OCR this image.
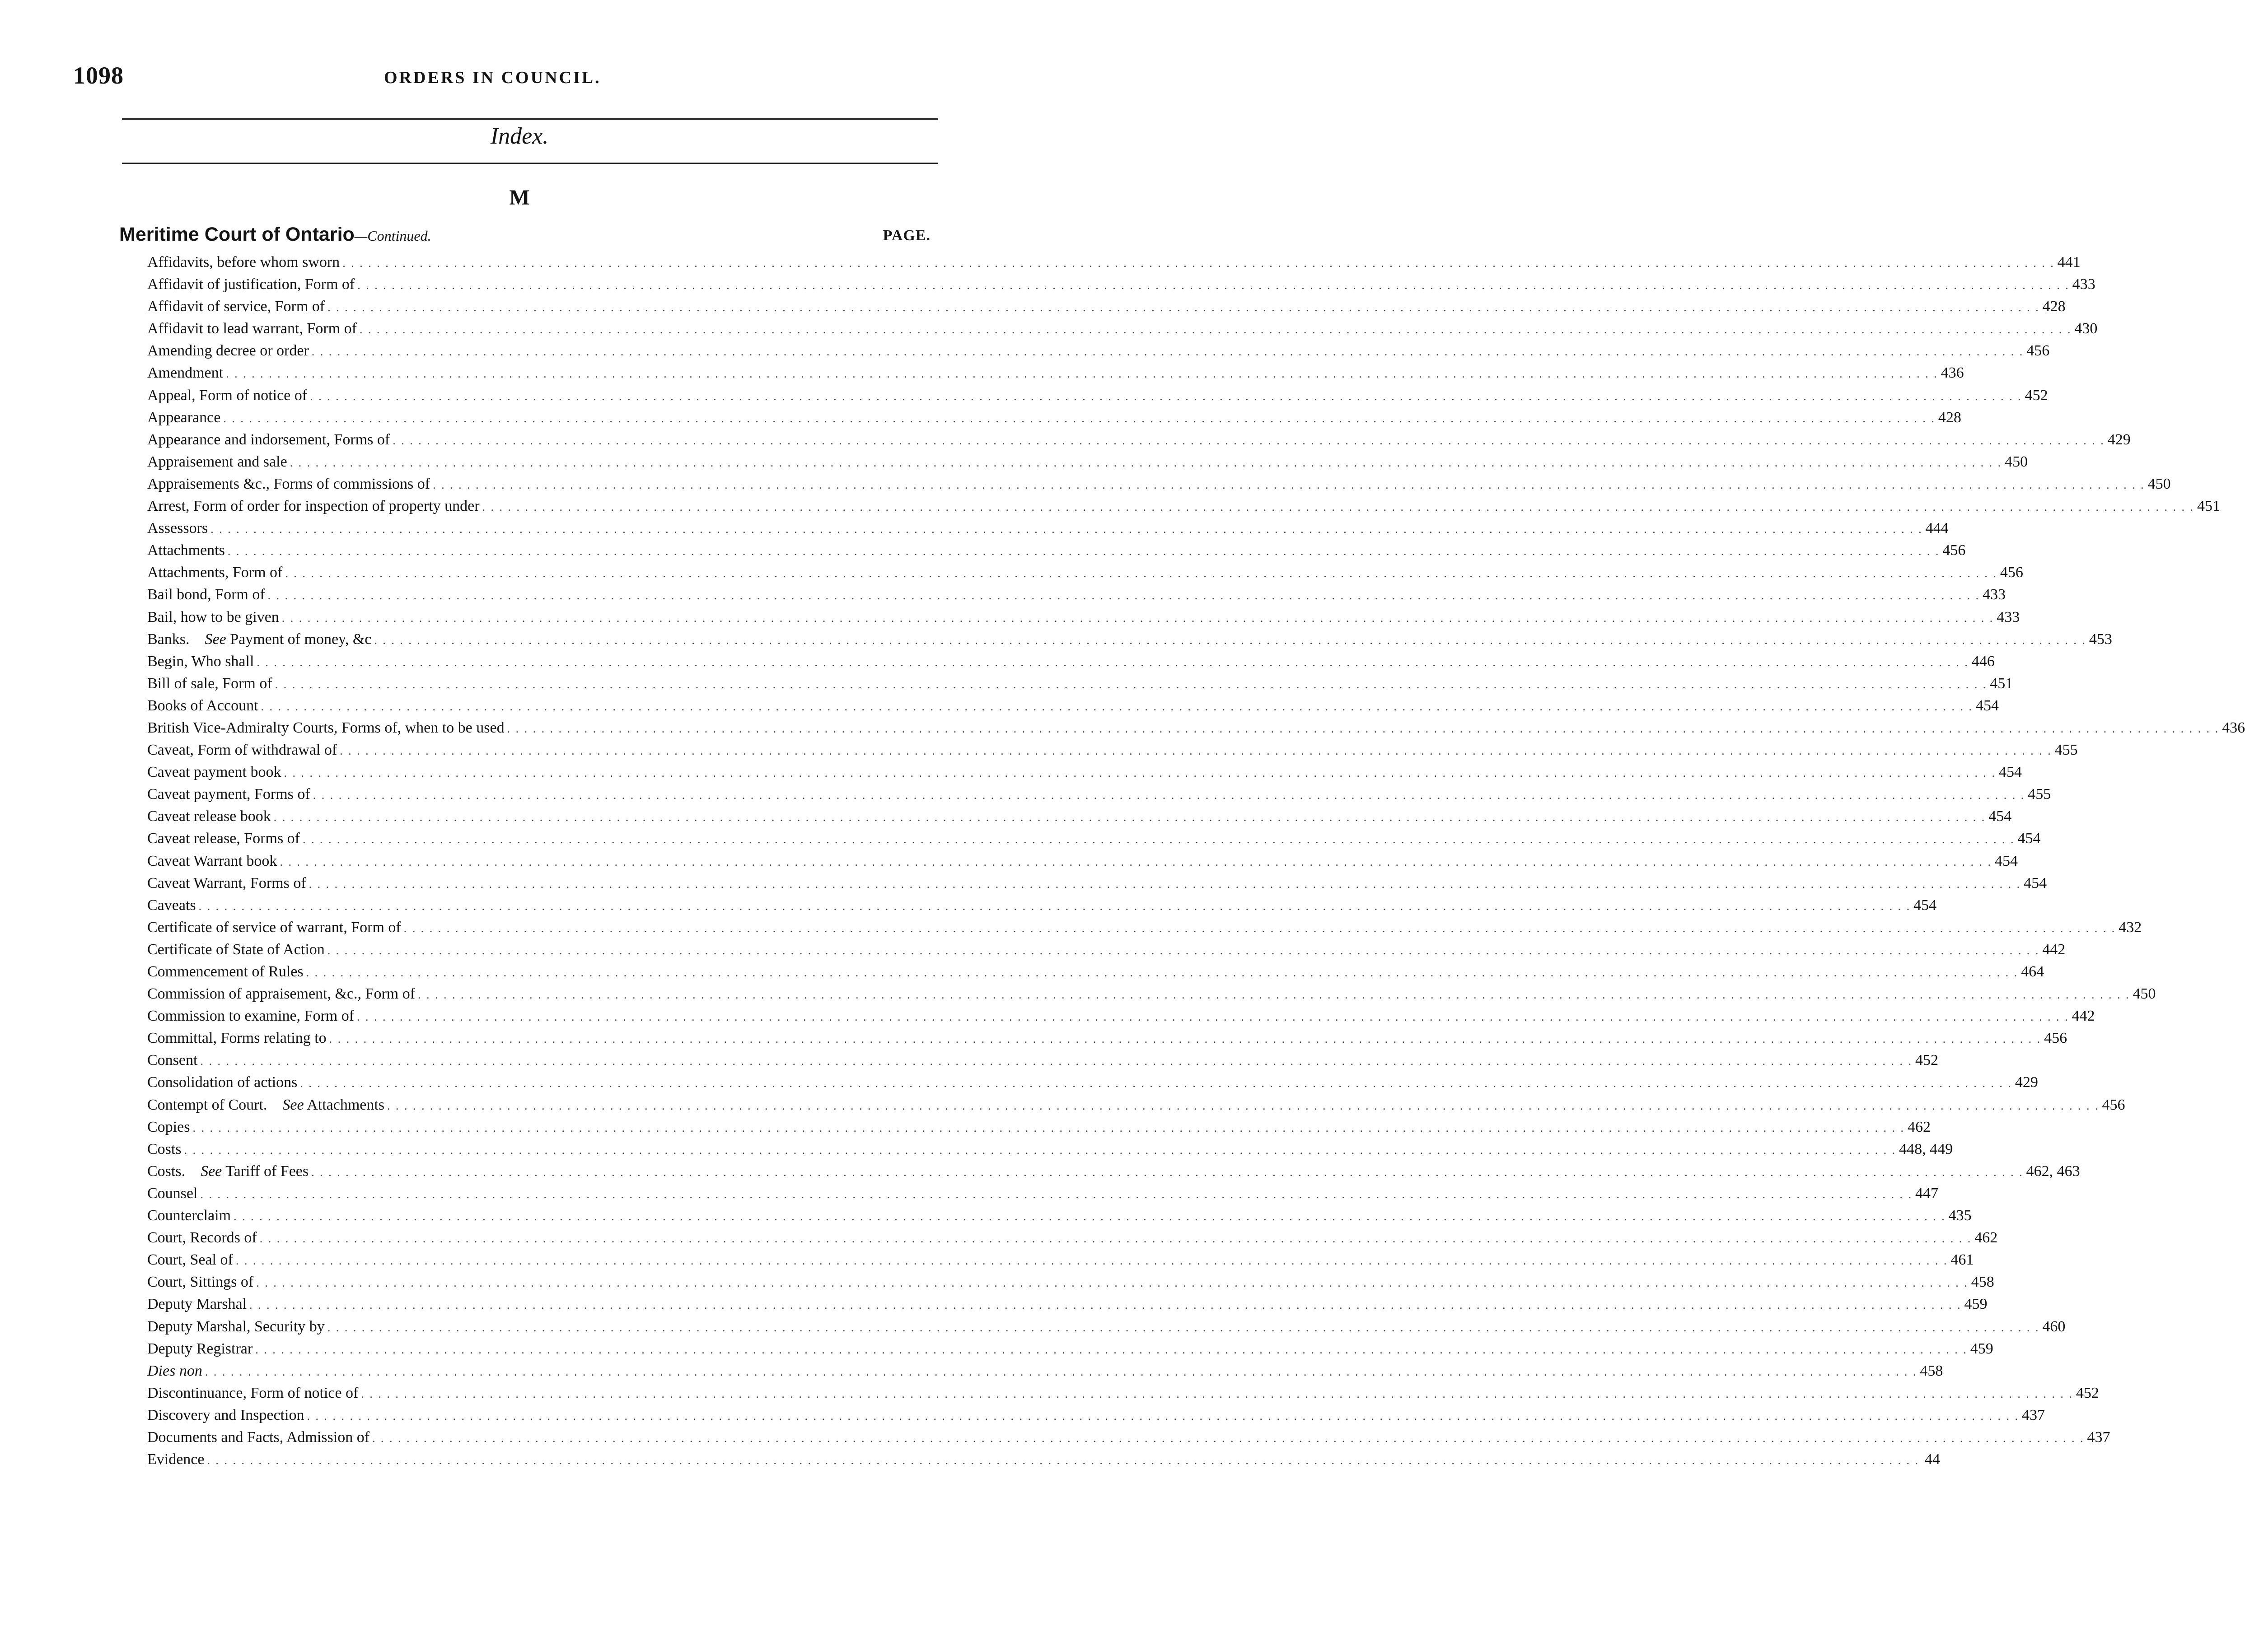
1098	ORDERS IN COUNCIL.
Index.
M
Meritime Court of Ontario—Continued.	PAGE.
Affidavits, before whom sworn . . . . . . . . . . . . . . . . . . . . . . . . . . . . . . . . . . . . . . . . . . . . . . . . . . . . . . . . . . . . . . . . . . . . . . . . . . . . . . . . . . . . . . . . . . . . . . . . . . . . . . . . . . . . . . . . . . . . . . . . . . . . . . . . . . . . . . . . . . . . . . . . . . . . . . . . . . . . . . . . . . . . . . . . . . . . . . . . . . . . . . . . . . . . . . . . . . . . . . . . 441
Affidavit of justification, Form of . . . . . . . . . . . . . . . . . . . . . . . . . . . . . . . . . . . . . . . . . . . . . . . . . . . . . . . . . . . . . . . . . . . . . . . . . . . . . . . . . . . . . . . . . . . . . . . . . . . . . . . . . . . . . . . . . . . . . . . . . . . . . . . . . . . . . . . . . . . . . . . . . . . . . . . . . . . . . . . . . . . . . . . . . . . . . . . . . . . . . . . . . . . . . . . . . . . . . . . . 433
Affidavit of service, Form of . . . . . . . . . . . . . . . . . . . . . . . . . . . . . . . . . . . . . . . . . . . . . . . . . . . . . . . . . . . . . . . . . . . . . . . . . . . . . . . . . . . . . . . . . . . . . . . . . . . . . . . . . . . . . . . . . . . . . . . . . . . . . . . . . . . . . . . . . . . . . . . . . . . . . . . . . . . . . . . . . . . . . . . . . . . . . . . . . . . . . . . . . . . . . . . . . . . . . . . . 428
Affidavit to lead warrant, Form of . . . . . . . . . . . . . . . . . . . . . . . . . . . . . . . . . . . . . . . . . . . . . . . . . . . . . . . . . . . . . . . . . . . . . . . . . . . . . . . . . . . . . . . . . . . . . . . . . . . . . . . . . . . . . . . . . . . . . . . . . . . . . . . . . . . . . . . . . . . . . . . . . . . . . . . . . . . . . . . . . . . . . . . . . . . . . . . . . . . . . . . . . . . . . . . . . . . . . . . . 430
Amending decree or order . . . . . . . . . . . . . . . . . . . . . . . . . . . . . . . . . . . . . . . . . . . . . . . . . . . . . . . . . . . . . . . . . . . . . . . . . . . . . . . . . . . . . . . . . . . . . . . . . . . . . . . . . . . . . . . . . . . . . . . . . . . . . . . . . . . . . . . . . . . . . . . . . . . . . . . . . . . . . . . . . . . . . . . . . . . . . . . . . . . . . . . . . . . . . . . . . . . . . . . . 456
Amendment . . . . . . . . . . . . . . . . . . . . . . . . . . . . . . . . . . . . . . . . . . . . . . . . . . . . . . . . . . . . . . . . . . . . . . . . . . . . . . . . . . . . . . . . . . . . . . . . . . . . . . . . . . . . . . . . . . . . . . . . . . . . . . . . . . . . . . . . . . . . . . . . . . . . . . . . . . . . . . . . . . . . . . . . . . . . . . . . . . . . . . . . . . . . . . . . . . . . . . . . 436
Appeal, Form of notice of . . . . . . . . . . . . . . . . . . . . . . . . . . . . . . . . . . . . . . . . . . . . . . . . . . . . . . . . . . . . . . . . . . . . . . . . . . . . . . . . . . . . . . . . . . . . . . . . . . . . . . . . . . . . . . . . . . . . . . . . . . . . . . . . . . . . . . . . . . . . . . . . . . . . . . . . . . . . . . . . . . . . . . . . . . . . . . . . . . . . . . . . . . . . . . . . . . . . . . . . 452
Appearance . . . . . . . . . . . . . . . . . . . . . . . . . . . . . . . . . . . . . . . . . . . . . . . . . . . . . . . . . . . . . . . . . . . . . . . . . . . . . . . . . . . . . . . . . . . . . . . . . . . . . . . . . . . . . . . . . . . . . . . . . . . . . . . . . . . . . . . . . . . . . . . . . . . . . . . . . . . . . . . . . . . . . . . . . . . . . . . . . . . . . . . . . . . . . . . . . . . . . . . . 428
Appearance and indorsement, Forms of . . . . . . . . . . . . . . . . . . . . . . . . . . . . . . . . . . . . . . . . . . . . . . . . . . . . . . . . . . . . . . . . . . . . . . . . . . . . . . . . . . . . . . . . . . . . . . . . . . . . . . . . . . . . . . . . . . . . . . . . . . . . . . . . . . . . . . . . . . . . . . . . . . . . . . . . . . . . . . . . . . . . . . . . . . . . . . . . . . . . . . . . . . . . . . . . . . . . . . . . 429
Appraisement and sale . . . . . . . . . . . . . . . . . . . . . . . . . . . . . . . . . . . . . . . . . . . . . . . . . . . . . . . . . . . . . . . . . . . . . . . . . . . . . . . . . . . . . . . . . . . . . . . . . . . . . . . . . . . . . . . . . . . . . . . . . . . . . . . . . . . . . . . . . . . . . . . . . . . . . . . . . . . . . . . . . . . . . . . . . . . . . . . . . . . . . . . . . . . . . . . . . . . . . . . . 450
Appraisements &c., Forms of commissions of . . . . . . . . . . . . . . . . . . . . . . . . . . . . . . . . . . . . . . . . . . . . . . . . . . . . . . . . . . . . . . . . . . . . . . . . . . . . . . . . . . . . . . . . . . . . . . . . . . . . . . . . . . . . . . . . . . . . . . . . . . . . . . . . . . . . . . . . . . . . . . . . . . . . . . . . . . . . . . . . . . . . . . . . . . . . . . . . . . . . . . . . . . . . . . . . . . . . . . . . 450
Arrest, Form of order for inspection of property under . . . . . . . . . . . . . . . . . . . . . . . . . . . . . . . . . . . . . . . . . . . . . . . . . . . . . . . . . . . . . . . . . . . . . . . . . . . . . . . . . . . . . . . . . . . . . . . . . . . . . . . . . . . . . . . . . . . . . . . . . . . . . . . . . . . . . . . . . . . . . . . . . . . . . . . . . . . . . . . . . . . . . . . . . . . . . . . . . . . . . . . . . . . . . . . . . . . . . . . . 451
Assessors . . . . . . . . . . . . . . . . . . . . . . . . . . . . . . . . . . . . . . . . . . . . . . . . . . . . . . . . . . . . . . . . . . . . . . . . . . . . . . . . . . . . . . . . . . . . . . . . . . . . . . . . . . . . . . . . . . . . . . . . . . . . . . . . . . . . . . . . . . . . . . . . . . . . . . . . . . . . . . . . . . . . . . . . . . . . . . . . . . . . . . . . . . . . . . . . . . . . . . . . 444
Attachments . . . . . . . . . . . . . . . . . . . . . . . . . . . . . . . . . . . . . . . . . . . . . . . . . . . . . . . . . . . . . . . . . . . . . . . . . . . . . . . . . . . . . . . . . . . . . . . . . . . . . . . . . . . . . . . . . . . . . . . . . . . . . . . . . . . . . . . . . . . . . . . . . . . . . . . . . . . . . . . . . . . . . . . . . . . . . . . . . . . . . . . . . . . . . . . . . . . . . . . . 456
Attachments, Form of . . . . . . . . . . . . . . . . . . . . . . . . . . . . . . . . . . . . . . . . . . . . . . . . . . . . . . . . . . . . . . . . . . . . . . . . . . . . . . . . . . . . . . . . . . . . . . . . . . . . . . . . . . . . . . . . . . . . . . . . . . . . . . . . . . . . . . . . . . . . . . . . . . . . . . . . . . . . . . . . . . . . . . . . . . . . . . . . . . . . . . . . . . . . . . . . . . . . . . . . 456
Bail bond, Form of . . . . . . . . . . . . . . . . . . . . . . . . . . . . . . . . . . . . . . . . . . . . . . . . . . . . . . . . . . . . . . . . . . . . . . . . . . . . . . . . . . . . . . . . . . . . . . . . . . . . . . . . . . . . . . . . . . . . . . . . . . . . . . . . . . . . . . . . . . . . . . . . . . . . . . . . . . . . . . . . . . . . . . . . . . . . . . . . . . . . . . . . . . . . . . . . . . . . . . . . 433
Bail, how to be given . . . . . . . . . . . . . . . . . . . . . . . . . . . . . . . . . . . . . . . . . . . . . . . . . . . . . . . . . . . . . . . . . . . . . . . . . . . . . . . . . . . . . . . . . . . . . . . . . . . . . . . . . . . . . . . . . . . . . . . . . . . . . . . . . . . . . . . . . . . . . . . . . . . . . . . . . . . . . . . . . . . . . . . . . . . . . . . . . . . . . . . . . . . . . . . . . . . . . . . . 433
Banks.  See Payment of money, &c . . . . . . . . . . . . . . . . . . . . . . . . . . . . . . . . . . . . . . . . . . . . . . . . . . . . . . . . . . . . . . . . . . . . . . . . . . . . . . . . . . . . . . . . . . . . . . . . . . . . . . . . . . . . . . . . . . . . . . . . . . . . . . . . . . . . . . . . . . . . . . . . . . . . . . . . . . . . . . . . . . . . . . . . . . . . . . . . . . . . . . . . . . . . . . . . . . . . . . . . 453
Begin, Who shall . . . . . . . . . . . . . . . . . . . . . . . . . . . . . . . . . . . . . . . . . . . . . . . . . . . . . . . . . . . . . . . . . . . . . . . . . . . . . . . . . . . . . . . . . . . . . . . . . . . . . . . . . . . . . . . . . . . . . . . . . . . . . . . . . . . . . . . . . . . . . . . . . . . . . . . . . . . . . . . . . . . . . . . . . . . . . . . . . . . . . . . . . . . . . . . . . . . . . . . . 446
Bill of sale, Form of . . . . . . . . . . . . . . . . . . . . . . . . . . . . . . . . . . . . . . . . . . . . . . . . . . . . . . . . . . . . . . . . . . . . . . . . . . . . . . . . . . . . . . . . . . . . . . . . . . . . . . . . . . . . . . . . . . . . . . . . . . . . . . . . . . . . . . . . . . . . . . . . . . . . . . . . . . . . . . . . . . . . . . . . . . . . . . . . . . . . . . . . . . . . . . . . . . . . . . . . 451
Books of Account . . . . . . . . . . . . . . . . . . . . . . . . . . . . . . . . . . . . . . . . . . . . . . . . . . . . . . . . . . . . . . . . . . . . . . . . . . . . . . . . . . . . . . . . . . . . . . . . . . . . . . . . . . . . . . . . . . . . . . . . . . . . . . . . . . . . . . . . . . . . . . . . . . . . . . . . . . . . . . . . . . . . . . . . . . . . . . . . . . . . . . . . . . . . . . . . . . . . . . . . 454
British Vice-Admiralty Courts, Forms of, when to be used . . . . . . . . . . . . . . . . . . . . . . . . . . . . . . . . . . . . . . . . . . . . . . . . . . . . . . . . . . . . . . . . . . . . . . . . . . . . . . . . . . . . . . . . . . . . . . . . . . . . . . . . . . . . . . . . . . . . . . . . . . . . . . . . . . . . . . . . . . . . . . . . . . . . . . . . . . . . . . . . . . . . . . . . . . . . . . . . . . . . . . . . . . . . . . . . . . . . . . . . 436
Caveat, Form of withdrawal of . . . . . . . . . . . . . . . . . . . . . . . . . . . . . . . . . . . . . . . . . . . . . . . . . . . . . . . . . . . . . . . . . . . . . . . . . . . . . . . . . . . . . . . . . . . . . . . . . . . . . . . . . . . . . . . . . . . . . . . . . . . . . . . . . . . . . . . . . . . . . . . . . . . . . . . . . . . . . . . . . . . . . . . . . . . . . . . . . . . . . . . . . . . . . . . . . . . . . . . . 455
Caveat payment book . . . . . . . . . . . . . . . . . . . . . . . . . . . . . . . . . . . . . . . . . . . . . . . . . . . . . . . . . . . . . . . . . . . . . . . . . . . . . . . . . . . . . . . . . . . . . . . . . . . . . . . . . . . . . . . . . . . . . . . . . . . . . . . . . . . . . . . . . . . . . . . . . . . . . . . . . . . . . . . . . . . . . . . . . . . . . . . . . . . . . . . . . . . . . . . . . . . . . . . . 454
Caveat payment, Forms of . . . . . . . . . . . . . . . . . . . . . . . . . . . . . . . . . . . . . . . . . . . . . . . . . . . . . . . . . . . . . . . . . . . . . . . . . . . . . . . . . . . . . . . . . . . . . . . . . . . . . . . . . . . . . . . . . . . . . . . . . . . . . . . . . . . . . . . . . . . . . . . . . . . . . . . . . . . . . . . . . . . . . . . . . . . . . . . . . . . . . . . . . . . . . . . . . . . . . . . . 455
Caveat release book . . . . . . . . . . . . . . . . . . . . . . . . . . . . . . . . . . . . . . . . . . . . . . . . . . . . . . . . . . . . . . . . . . . . . . . . . . . . . . . . . . . . . . . . . . . . . . . . . . . . . . . . . . . . . . . . . . . . . . . . . . . . . . . . . . . . . . . . . . . . . . . . . . . . . . . . . . . . . . . . . . . . . . . . . . . . . . . . . . . . . . . . . . . . . . . . . . . . . . . . 454
Caveat release, Forms of . . . . . . . . . . . . . . . . . . . . . . . . . . . . . . . . . . . . . . . . . . . . . . . . . . . . . . . . . . . . . . . . . . . . . . . . . . . . . . . . . . . . . . . . . . . . . . . . . . . . . . . . . . . . . . . . . . . . . . . . . . . . . . . . . . . . . . . . . . . . . . . . . . . . . . . . . . . . . . . . . . . . . . . . . . . . . . . . . . . . . . . . . . . . . . . . . . . . . . . . 454
Caveat Warrant book . . . . . . . . . . . . . . . . . . . . . . . . . . . . . . . . . . . . . . . . . . . . . . . . . . . . . . . . . . . . . . . . . . . . . . . . . . . . . . . . . . . . . . . . . . . . . . . . . . . . . . . . . . . . . . . . . . . . . . . . . . . . . . . . . . . . . . . . . . . . . . . . . . . . . . . . . . . . . . . . . . . . . . . . . . . . . . . . . . . . . . . . . . . . . . . . . . . . . . . . 454
Caveat Warrant, Forms of . . . . . . . . . . . . . . . . . . . . . . . . . . . . . . . . . . . . . . . . . . . . . . . . . . . . . . . . . . . . . . . . . . . . . . . . . . . . . . . . . . . . . . . . . . . . . . . . . . . . . . . . . . . . . . . . . . . . . . . . . . . . . . . . . . . . . . . . . . . . . . . . . . . . . . . . . . . . . . . . . . . . . . . . . . . . . . . . . . . . . . . . . . . . . . . . . . . . . . . . 454
Caveats . . . . . . . . . . . . . . . . . . . . . . . . . . . . . . . . . . . . . . . . . . . . . . . . . . . . . . . . . . . . . . . . . . . . . . . . . . . . . . . . . . . . . . . . . . . . . . . . . . . . . . . . . . . . . . . . . . . . . . . . . . . . . . . . . . . . . . . . . . . . . . . . . . . . . . . . . . . . . . . . . . . . . . . . . . . . . . . . . . . . . . . . . . . . . . . . . . . . . . . . 454
Certificate of service of warrant, Form of . . . . . . . . . . . . . . . . . . . . . . . . . . . . . . . . . . . . . . . . . . . . . . . . . . . . . . . . . . . . . . . . . . . . . . . . . . . . . . . . . . . . . . . . . . . . . . . . . . . . . . . . . . . . . . . . . . . . . . . . . . . . . . . . . . . . . . . . . . . . . . . . . . . . . . . . . . . . . . . . . . . . . . . . . . . . . . . . . . . . . . . . . . . . . . . . . . . . . . . . 432
Certificate of State of Action . . . . . . . . . . . . . . . . . . . . . . . . . . . . . . . . . . . . . . . . . . . . . . . . . . . . . . . . . . . . . . . . . . . . . . . . . . . . . . . . . . . . . . . . . . . . . . . . . . . . . . . . . . . . . . . . . . . . . . . . . . . . . . . . . . . . . . . . . . . . . . . . . . . . . . . . . . . . . . . . . . . . . . . . . . . . . . . . . . . . . . . . . . . . . . . . . . . . . . . . 442
Commencement of Rules . . . . . . . . . . . . . . . . . . . . . . . . . . . . . . . . . . . . . . . . . . . . . . . . . . . . . . . . . . . . . . . . . . . . . . . . . . . . . . . . . . . . . . . . . . . . . . . . . . . . . . . . . . . . . . . . . . . . . . . . . . . . . . . . . . . . . . . . . . . . . . . . . . . . . . . . . . . . . . . . . . . . . . . . . . . . . . . . . . . . . . . . . . . . . . . . . . . . . . . . 464
Commission of appraisement, &c., Form of . . . . . . . . . . . . . . . . . . . . . . . . . . . . . . . . . . . . . . . . . . . . . . . . . . . . . . . . . . . . . . . . . . . . . . . . . . . . . . . . . . . . . . . . . . . . . . . . . . . . . . . . . . . . . . . . . . . . . . . . . . . . . . . . . . . . . . . . . . . . . . . . . . . . . . . . . . . . . . . . . . . . . . . . . . . . . . . . . . . . . . . . . . . . . . . . . . . . . . . . 450
Commission to examine, Form of . . . . . . . . . . . . . . . . . . . . . . . . . . . . . . . . . . . . . . . . . . . . . . . . . . . . . . . . . . . . . . . . . . . . . . . . . . . . . . . . . . . . . . . . . . . . . . . . . . . . . . . . . . . . . . . . . . . . . . . . . . . . . . . . . . . . . . . . . . . . . . . . . . . . . . . . . . . . . . . . . . . . . . . . . . . . . . . . . . . . . . . . . . . . . . . . . . . . . . . . 442
Committal, Forms relating to . . . . . . . . . . . . . . . . . . . . . . . . . . . . . . . . . . . . . . . . . . . . . . . . . . . . . . . . . . . . . . . . . . . . . . . . . . . . . . . . . . . . . . . . . . . . . . . . . . . . . . . . . . . . . . . . . . . . . . . . . . . . . . . . . . . . . . . . . . . . . . . . . . . . . . . . . . . . . . . . . . . . . . . . . . . . . . . . . . . . . . . . . . . . . . . . . . . . . . . . 456
Consent . . . . . . . . . . . . . . . . . . . . . . . . . . . . . . . . . . . . . . . . . . . . . . . . . . . . . . . . . . . . . . . . . . . . . . . . . . . . . . . . . . . . . . . . . . . . . . . . . . . . . . . . . . . . . . . . . . . . . . . . . . . . . . . . . . . . . . . . . . . . . . . . . . . . . . . . . . . . . . . . . . . . . . . . . . . . . . . . . . . . . . . . . . . . . . . . . . . . . . . . 452
Consolidation of actions . . . . . . . . . . . . . . . . . . . . . . . . . . . . . . . . . . . . . . . . . . . . . . . . . . . . . . . . . . . . . . . . . . . . . . . . . . . . . . . . . . . . . . . . . . . . . . . . . . . . . . . . . . . . . . . . . . . . . . . . . . . . . . . . . . . . . . . . . . . . . . . . . . . . . . . . . . . . . . . . . . . . . . . . . . . . . . . . . . . . . . . . . . . . . . . . . . . . . . . . 429
Contempt of Court.  See Attachments . . . . . . . . . . . . . . . . . . . . . . . . . . . . . . . . . . . . . . . . . . . . . . . . . . . . . . . . . . . . . . . . . . . . . . . . . . . . . . . . . . . . . . . . . . . . . . . . . . . . . . . . . . . . . . . . . . . . . . . . . . . . . . . . . . . . . . . . . . . . . . . . . . . . . . . . . . . . . . . . . . . . . . . . . . . . . . . . . . . . . . . . . . . . . . . . . . . . . . . . 456
Copies . . . . . . . . . . . . . . . . . . . . . . . . . . . . . . . . . . . . . . . . . . . . . . . . . . . . . . . . . . . . . . . . . . . . . . . . . . . . . . . . . . . . . . . . . . . . . . . . . . . . . . . . . . . . . . . . . . . . . . . . . . . . . . . . . . . . . . . . . . . . . . . . . . . . . . . . . . . . . . . . . . . . . . . . . . . . . . . . . . . . . . . . . . . . . . . . . . . . . . . . 462
Costs . . . . . . . . . . . . . . . . . . . . . . . . . . . . . . . . . . . . . . . . . . . . . . . . . . . . . . . . . . . . . . . . . . . . . . . . . . . . . . . . . . . . . . . . . . . . . . . . . . . . . . . . . . . . . . . . . . . . . . . . . . . . . . . . . . . . . . . . . . . . . . . . . . . . . . . . . . . . . . . . . . . . . . . . . . . . . . . . . . . . . . . . . . . . . . . . . . . . . . . . 448, 449
Costs.  See Tariff of Fees . . . . . . . . . . . . . . . . . . . . . . . . . . . . . . . . . . . . . . . . . . . . . . . . . . . . . . . . . . . . . . . . . . . . . . . . . . . . . . . . . . . . . . . . . . . . . . . . . . . . . . . . . . . . . . . . . . . . . . . . . . . . . . . . . . . . . . . . . . . . . . . . . . . . . . . . . . . . . . . . . . . . . . . . . . . . . . . . . . . . . . . . . . . . . . . . . . . . . . . . 462, 463
Counsel . . . . . . . . . . . . . . . . . . . . . . . . . . . . . . . . . . . . . . . . . . . . . . . . . . . . . . . . . . . . . . . . . . . . . . . . . . . . . . . . . . . . . . . . . . . . . . . . . . . . . . . . . . . . . . . . . . . . . . . . . . . . . . . . . . . . . . . . . . . . . . . . . . . . . . . . . . . . . . . . . . . . . . . . . . . . . . . . . . . . . . . . . . . . . . . . . . . . . . . . 447
Counterclaim . . . . . . . . . . . . . . . . . . . . . . . . . . . . . . . . . . . . . . . . . . . . . . . . . . . . . . . . . . . . . . . . . . . . . . . . . . . . . . . . . . . . . . . . . . . . . . . . . . . . . . . . . . . . . . . . . . . . . . . . . . . . . . . . . . . . . . . . . . . . . . . . . . . . . . . . . . . . . . . . . . . . . . . . . . . . . . . . . . . . . . . . . . . . . . . . . . . . . . . . 435
Court, Records of . . . . . . . . . . . . . . . . . . . . . . . . . . . . . . . . . . . . . . . . . . . . . . . . . . . . . . . . . . . . . . . . . . . . . . . . . . . . . . . . . . . . . . . . . . . . . . . . . . . . . . . . . . . . . . . . . . . . . . . . . . . . . . . . . . . . . . . . . . . . . . . . . . . . . . . . . . . . . . . . . . . . . . . . . . . . . . . . . . . . . . . . . . . . . . . . . . . . . . . . 462
Court, Seal of . . . . . . . . . . . . . . . . . . . . . . . . . . . . . . . . . . . . . . . . . . . . . . . . . . . . . . . . . . . . . . . . . . . . . . . . . . . . . . . . . . . . . . . . . . . . . . . . . . . . . . . . . . . . . . . . . . . . . . . . . . . . . . . . . . . . . . . . . . . . . . . . . . . . . . . . . . . . . . . . . . . . . . . . . . . . . . . . . . . . . . . . . . . . . . . . . . . . . . . . 461
Court, Sittings of . . . . . . . . . . . . . . . . . . . . . . . . . . . . . . . . . . . . . . . . . . . . . . . . . . . . . . . . . . . . . . . . . . . . . . . . . . . . . . . . . . . . . . . . . . . . . . . . . . . . . . . . . . . . . . . . . . . . . . . . . . . . . . . . . . . . . . . . . . . . . . . . . . . . . . . . . . . . . . . . . . . . . . . . . . . . . . . . . . . . . . . . . . . . . . . . . . . . . . . . 458
Deputy Marshal . . . . . . . . . . . . . . . . . . . . . . . . . . . . . . . . . . . . . . . . . . . . . . . . . . . . . . . . . . . . . . . . . . . . . . . . . . . . . . . . . . . . . . . . . . . . . . . . . . . . . . . . . . . . . . . . . . . . . . . . . . . . . . . . . . . . . . . . . . . . . . . . . . . . . . . . . . . . . . . . . . . . . . . . . . . . . . . . . . . . . . . . . . . . . . . . . . . . . . . . 459
Deputy Marshal, Security by . . . . . . . . . . . . . . . . . . . . . . . . . . . . . . . . . . . . . . . . . . . . . . . . . . . . . . . . . . . . . . . . . . . . . . . . . . . . . . . . . . . . . . . . . . . . . . . . . . . . . . . . . . . . . . . . . . . . . . . . . . . . . . . . . . . . . . . . . . . . . . . . . . . . . . . . . . . . . . . . . . . . . . . . . . . . . . . . . . . . . . . . . . . . . . . . . . . . . . . . 460
Deputy Registrar . . . . . . . . . . . . . . . . . . . . . . . . . . . . . . . . . . . . . . . . . . . . . . . . . . . . . . . . . . . . . . . . . . . . . . . . . . . . . . . . . . . . . . . . . . . . . . . . . . . . . . . . . . . . . . . . . . . . . . . . . . . . . . . . . . . . . . . . . . . . . . . . . . . . . . . . . . . . . . . . . . . . . . . . . . . . . . . . . . . . . . . . . . . . . . . . . . . . . . . . 459
Dies non . . . . . . . . . . . . . . . . . . . . . . . . . . . . . . . . . . . . . . . . . . . . . . . . . . . . . . . . . . . . . . . . . . . . . . . . . . . . . . . . . . . . . . . . . . . . . . . . . . . . . . . . . . . . . . . . . . . . . . . . . . . . . . . . . . . . . . . . . . . . . . . . . . . . . . . . . . . . . . . . . . . . . . . . . . . . . . . . . . . . . . . . . . . . . . . . . . . . . . . . 458
Discontinuance, Form of notice of . . . . . . . . . . . . . . . . . . . . . . . . . . . . . . . . . . . . . . . . . . . . . . . . . . . . . . . . . . . . . . . . . . . . . . . . . . . . . . . . . . . . . . . . . . . . . . . . . . . . . . . . . . . . . . . . . . . . . . . . . . . . . . . . . . . . . . . . . . . . . . . . . . . . . . . . . . . . . . . . . . . . . . . . . . . . . . . . . . . . . . . . . . . . . . . . . . . . . . . . 452
Discovery and Inspection . . . . . . . . . . . . . . . . . . . . . . . . . . . . . . . . . . . . . . . . . . . . . . . . . . . . . . . . . . . . . . . . . . . . . . . . . . . . . . . . . . . . . . . . . . . . . . . . . . . . . . . . . . . . . . . . . . . . . . . . . . . . . . . . . . . . . . . . . . . . . . . . . . . . . . . . . . . . . . . . . . . . . . . . . . . . . . . . . . . . . . . . . . . . . . . . . . . . . . . . 437
Documents and Facts, Admission of . . . . . . . . . . . . . . . . . . . . . . . . . . . . . . . . . . . . . . . . . . . . . . . . . . . . . . . . . . . . . . . . . . . . . . . . . . . . . . . . . . . . . . . . . . . . . . . . . . . . . . . . . . . . . . . . . . . . . . . . . . . . . . . . . . . . . . . . . . . . . . . . . . . . . . . . . . . . . . . . . . . . . . . . . . . . . . . . . . . . . . . . . . . . . . . . . . . . . . . . 437
Evidence . . . . . . . . . . . . . . . . . . . . . . . . . . . . . . . . . . . . . . . . . . . . . . . . . . . . . . . . . . . . . . . . . . . . . . . . . . . . . . . . . . . . . . . . . . . . . . . . . . . . . . . . . . . . . . . . . . . . . . . . . . . . . . . . . . . . . . . . . . . . . . . . . . . . . . . . . . . . . . . . . . . . . . . . . . . . . . . . . . . . . . . . . . . . . . . . . . . . . . . . 44
